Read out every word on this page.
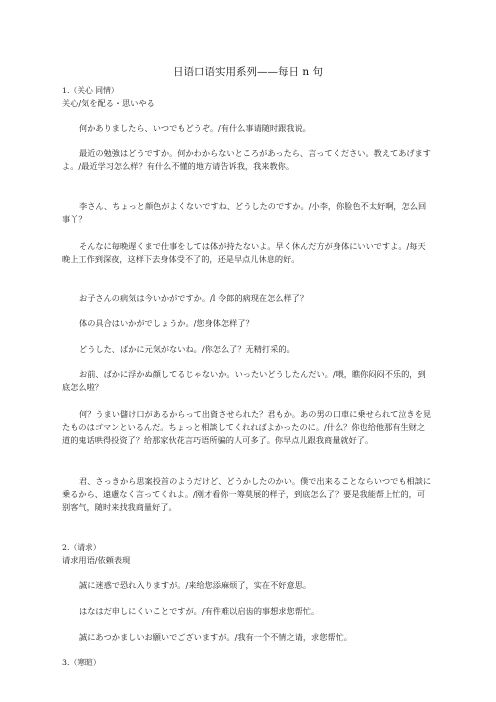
日语口语实用系列——每日 n 句
1.（关心 同情）
关心/気を配る・思いやる
何かありましたら、いつでもどうぞ。/有什么事请随时跟我说。
最近の勉強はどうですか。何かわからないところがあったら、言ってください。教えてあげますよ。/最近学习怎么样？有什么不懂的地方请告诉我，我来教你。
李さん、ちょっと顔色がよくないですね、どうしたのですか。/小李，你脸色不太好啊，怎么回事丫？
そんなに毎晩遅くまで仕事をしては体が持たないよ。早く休んだ方が身体にいいですよ。/每天晚上工作到深夜，这样下去身体受不了的，还是早点儿休息的好。
お子さんの病気は今いかがですか。/l 令郎的病现在怎么样了？
体の具合はいかがでしょうか。/您身体怎样了？
どうした、ばかに元気がないね。/你怎么了？无精打采的。
お前、ばかに浮かぬ顔してるじゃないか。いったいどうしたんだい。/喂，瞧你闷闷不乐的，到底怎么啦？
何？うまい儲け口があるからって出資させられた？君もか。あの男の口車に乗せられて泣きを見たものはゴマンといるんだ。ちょっと相談してくれればよかったのに。/什么？你也给他那有生财之道的鬼话哄得投资了？给那家伙花言巧语所骗的人可多了。你早点儿跟我商量就好了。
君、さっきから思案投首のようだけど、どうかしたのかい。僕で出来ることならいつでも相談に乗るから、遠慮なく言ってくれよ。/刚才看你一筹莫展的样子，到底怎么了？要是我能帮上忙的，可别客气，随时来找我商量好了。
2.（请求）
请求用语/依頼表現
誠に迷惑で恐れ入りますが。/来给您添麻烦了，实在不好意思。
はなはだ申しにくいことですが。/有件难以启齿的事想求您帮忙。
誠にあつかましいお願いでございますが。/我有一个不情之请，求您帮忙。
3.（寒暄）
